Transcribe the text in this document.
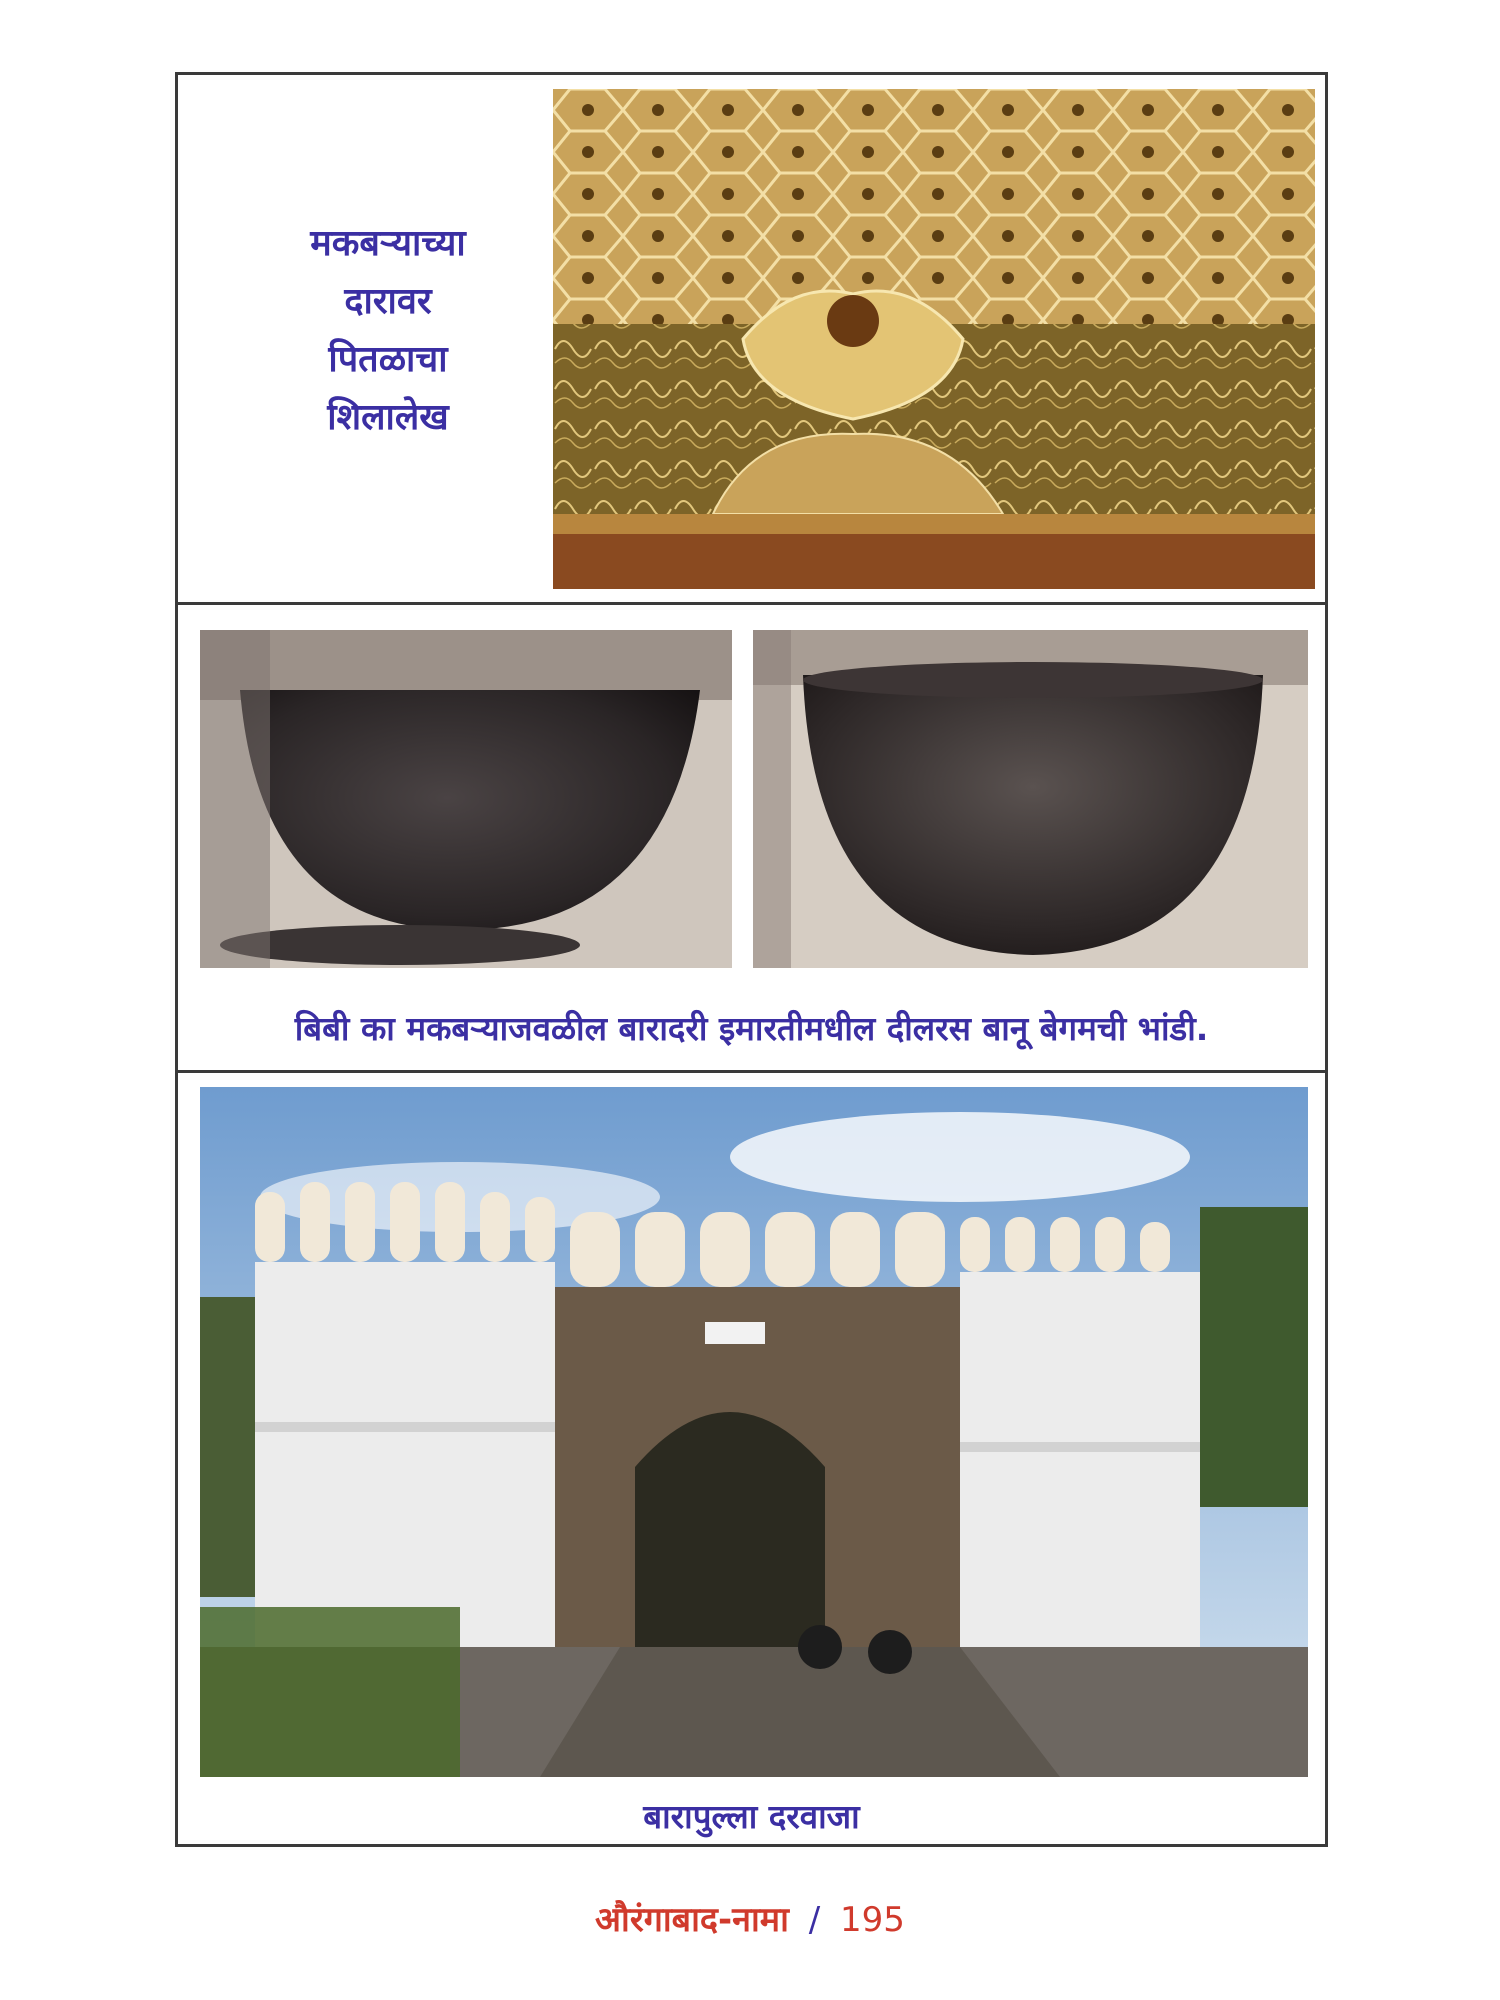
मकबऱ्याच्या
दारावर
पितळाचा
शिलालेख
बिबी का मकबऱ्याजवळील बारादरी इमारतीमधील दीलरस बानू बेगमची भांडी.
बारापुल्ला दरवाजा
औरंगाबाद-नामा / 195
